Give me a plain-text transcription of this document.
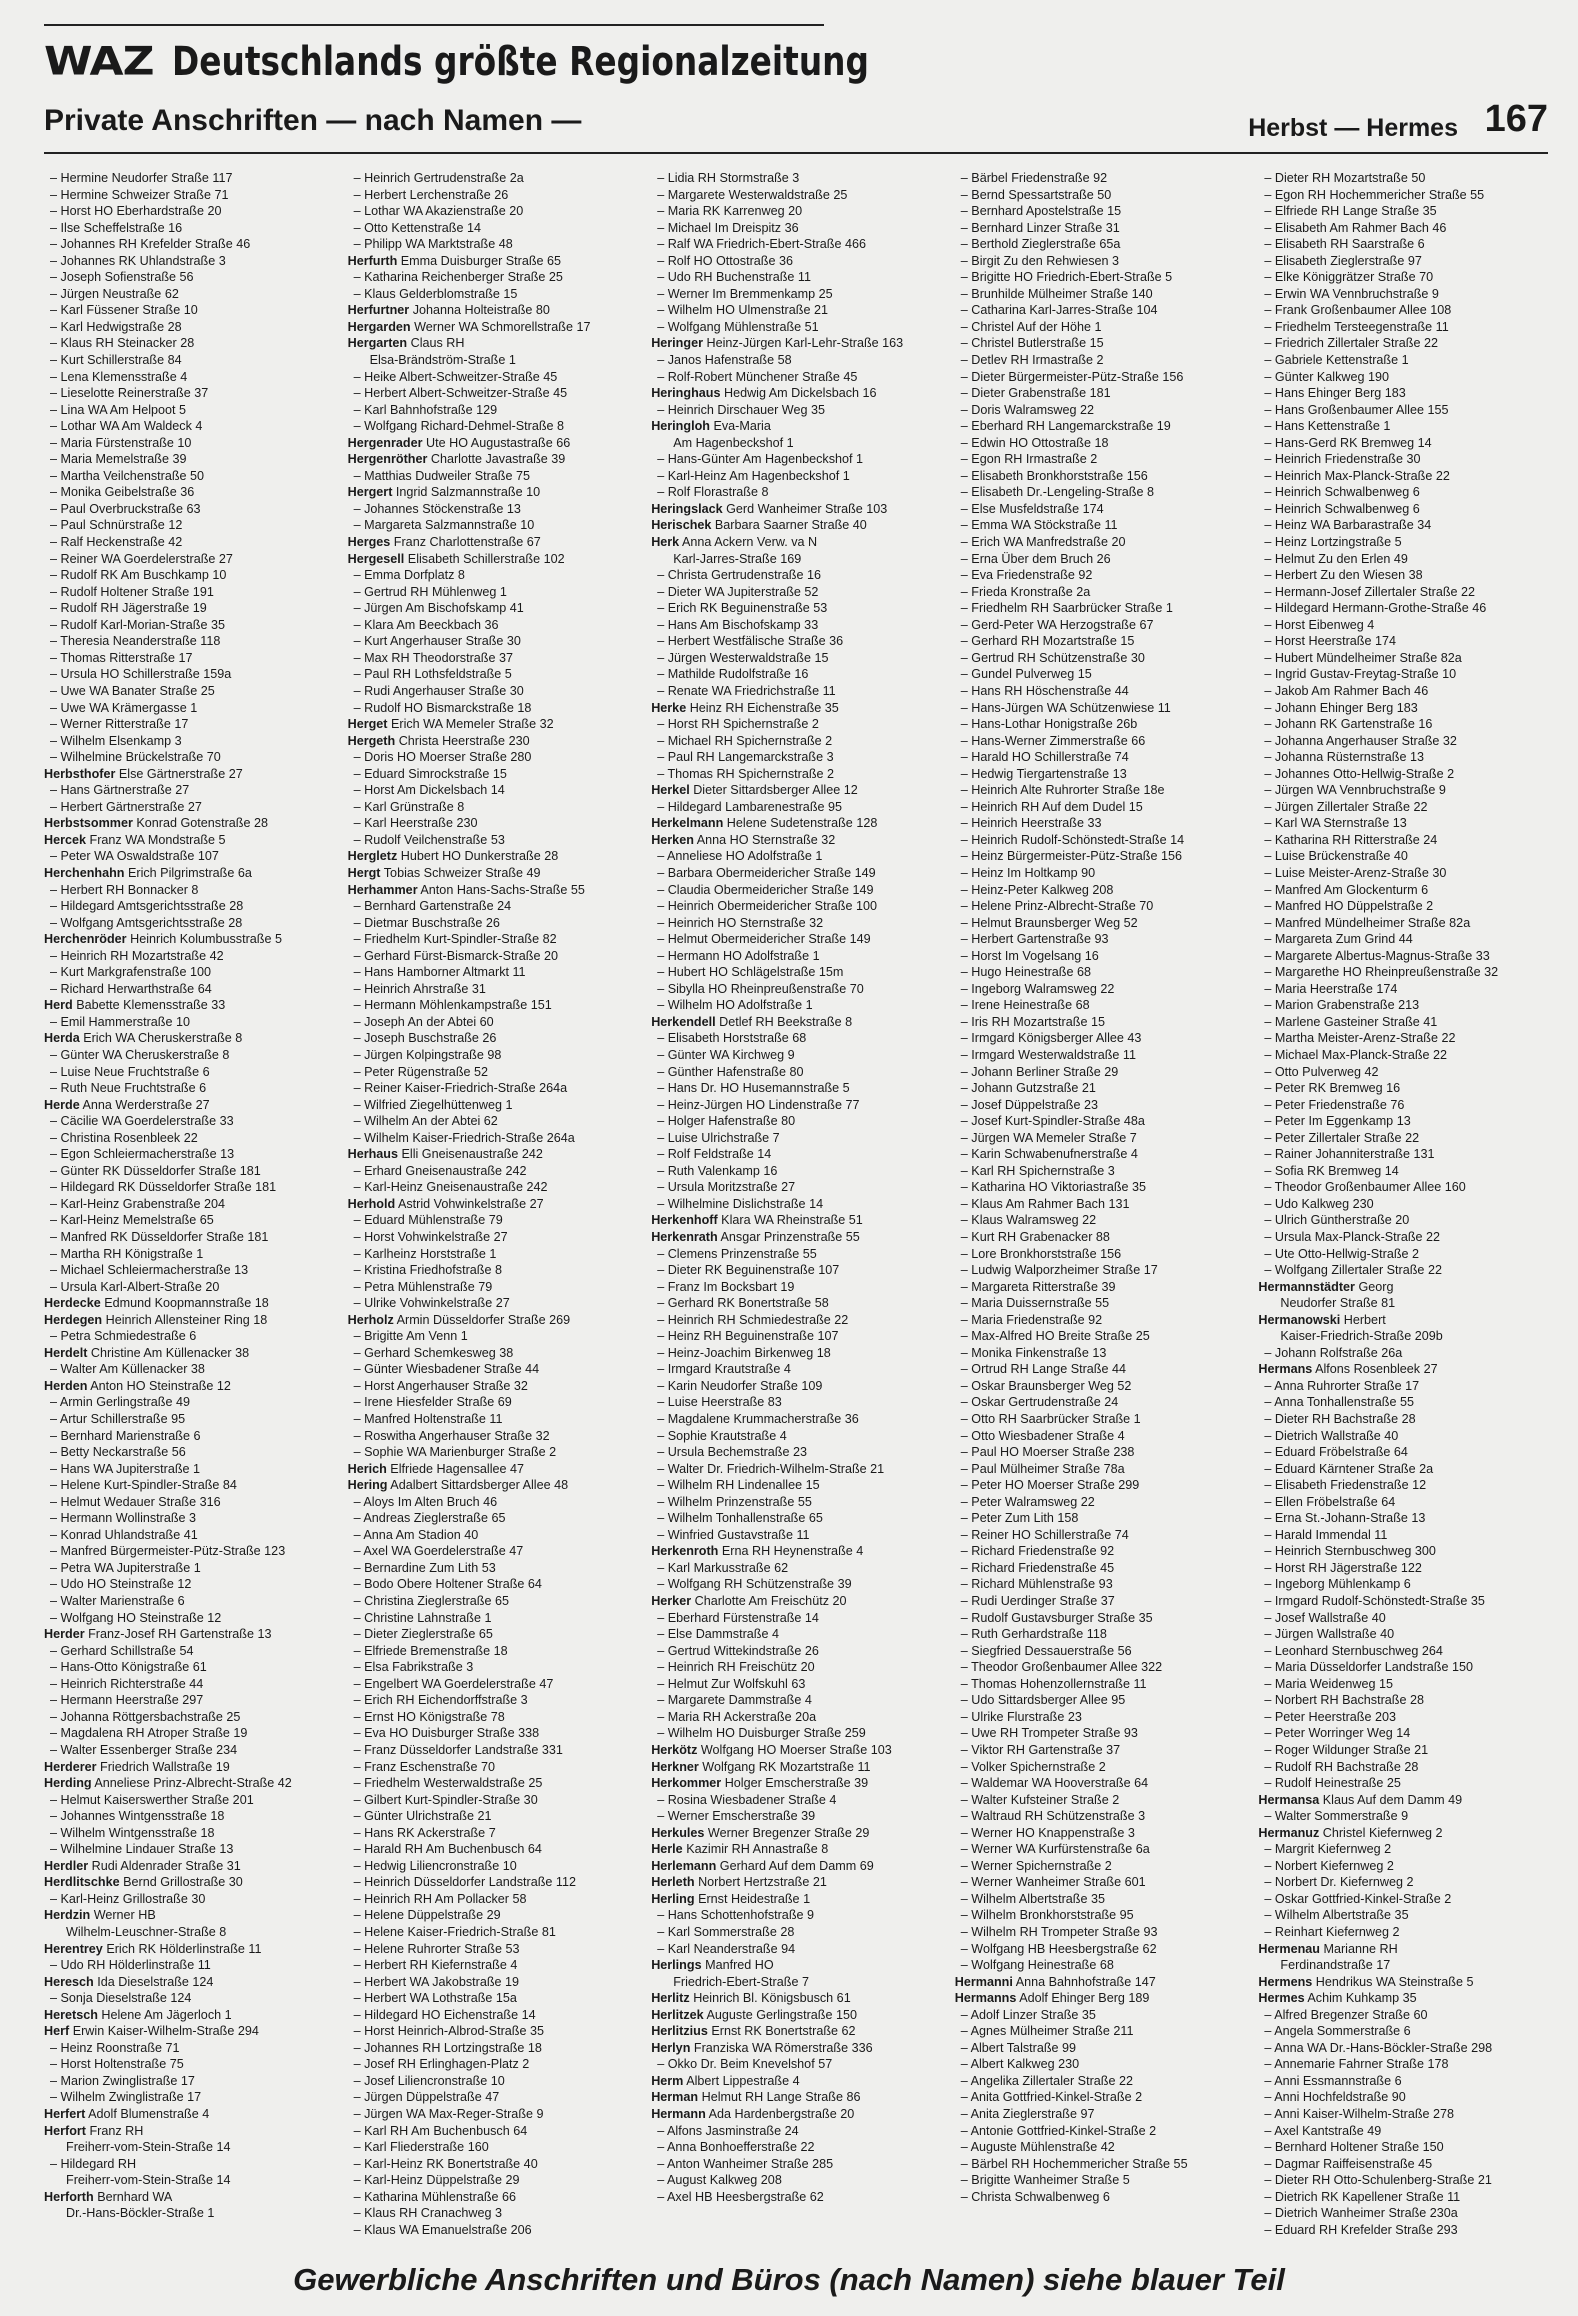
WAZ Deutschlands größte Regionalzeitung
Private Anschriften — nach Namen —	Herbst — Hermes 167
– Hermine Neudorfer Straße 117
– Hermine Schweizer Straße 71
– Horst HO Eberhardstraße 20
– Ilse Scheffelstraße 16
– Johannes RH Krefelder Straße 46
– Johannes RK Uhlandstraße 3
– Joseph Sofienstraße 56
– Jürgen Neustraße 62
– Karl Füssener Straße 10
– Karl Hedwigstraße 28
– Klaus RH Steinacker 28
– Kurt Schillerstraße 84
– Lena Klemensstraße 4
– Lieselotte Reinerstraße 37
– Lina WA Am Helpoot 5
– Lothar WA Am Waldeck 4
– Maria Fürstenstraße 10
– Maria Memelstraße 39
– Martha Veilchenstraße 50
– Monika Geibelstraße 36
– Paul Overbruckstraße 63
– Paul Schnürstraße 12
– Ralf Heckenstraße 42
– Reiner WA Goerdelerstraße 27
– Rudolf RK Am Buschkamp 10
– Rudolf Holtener Straße 191
– Rudolf RH Jägerstraße 19
– Rudolf Karl-Morian-Straße 35
– Theresia Neanderstraße 118
– Thomas Ritterstraße 17
– Ursula HO Schillerstraße 159a
– Uwe WA Banater Straße 25
– Uwe WA Krämergasse 1
– Werner Ritterstraße 17
– Wilhelm Elsenkamp 3
– Wilhelmine Brückelstraße 70
Herbsthofer Else Gärtnerstraße 27
– Hans Gärtnerstraße 27
– Herbert Gärtnerstraße 27
Herbstsommer Konrad Gotenstraße 28
Hercek Franz WA Mondstraße 5
– Peter WA Oswaldstraße 107
Herchenhahn Erich Pilgrimstraße 6a
– Herbert RH Bonnacker 8
– Hildegard Amtsgerichtsstraße 28
– Wolfgang Amtsgerichtsstraße 28
Herchenröder Heinrich Kolumbusstraße 5
– Heinrich RH Mozartstraße 42
– Kurt Markgrafenstraße 100
– Richard Herwarthstraße 64
Herd Babette Klemensstraße 33
– Emil Hammerstraße 10
Herda Erich WA Cheruskerstraße 8
– Günter WA Cheruskerstraße 8
– Luise Neue Fruchtstraße 6
– Ruth Neue Fruchtstraße 6
Herde Anna Werderstraße 27
– Cäcilie WA Goerdelerstraße 33
– Christina Rosenbleek 22
– Egon Schleiermacherstraße 13
– Günter RK Düsseldorfer Straße 181
– Hildegard RK Düsseldorfer Straße 181
– Karl-Heinz Grabenstraße 204
– Karl-Heinz Memelstraße 65
– Manfred RK Düsseldorfer Straße 181
– Martha RH Königstraße 1
– Michael Schleiermacherstraße 13
– Ursula Karl-Albert-Straße 20
Herdecke Edmund Koopmannstraße 18
Herdegen Heinrich Allensteiner Ring 18
– Petra Schmiedestraße 6
Herdelt Christine Am Küllenacker 38
– Walter Am Küllenacker 38
Herden Anton HO Steinstraße 12
– Armin Gerlingstraße 49
– Artur Schillerstraße 95
– Bernhard Marienstraße 6
– Betty Neckarstraße 56
– Hans WA Jupiterstraße 1
– Helene Kurt-Spindler-Straße 84
– Helmut Wedauer Straße 316
– Hermann Wollinstraße 3
– Konrad Uhlandstraße 41
– Manfred Bürgermeister-Pütz-Straße 123
– Petra WA Jupiterstraße 1
– Udo HO Steinstraße 12
– Walter Marienstraße 6
– Wolfgang HO Steinstraße 12
Herder Franz-Josef RH Gartenstraße 13
– Gerhard Schillstraße 54
– Hans-Otto Königstraße 61
– Heinrich Richterstraße 44
– Hermann Heerstraße 297
– Johanna Röttgersbachstraße 25
– Magdalena RH Atroper Straße 19
– Walter Essenberger Straße 234
Herderer Friedrich Wallstraße 19
Herding Anneliese Prinz-Albrecht-Straße 42
– Helmut Kaiserswerther Straße 201
– Johannes Wintgensstraße 18
– Wilhelm Wintgensstraße 18
– Wilhelmine Lindauer Straße 13
Herdler Rudi Aldenrader Straße 31
Herdlitschke Bernd Grillostraße 30
– Karl-Heinz Grillostraße 30
Herdzin Werner HB
Wilhelm-Leuschner-Straße 8
Herentrey Erich RK Hölderlinstraße 11
– Udo RH Hölderlinstraße 11
Heresch Ida Dieselstraße 124
– Sonja Dieselstraße 124
Heretsch Helene Am Jägerloch 1
Herf Erwin Kaiser-Wilhelm-Straße 294
– Heinz Roonstraße 71
– Horst Holtenstraße 75
– Marion Zwinglistraße 17
– Wilhelm Zwinglistraße 17
Herfert Adolf Blumenstraße 4
Herfort Franz RH
Freiherr-vom-Stein-Straße 14
– Hildegard RH
Freiherr-vom-Stein-Straße 14
Herforth Bernhard WA
Dr.-Hans-Böckler-Straße 1
– Heinrich Gertrudenstraße 2a
– Herbert Lerchenstraße 26
– Lothar WA Akazienstraße 20
– Otto Kettenstraße 14
– Philipp WA Marktstraße 48
Herfurth Emma Duisburger Straße 65
– Katharina Reichenberger Straße 25
– Klaus Gelderblomstraße 15
Herfurtner Johanna Holteistraße 80
Hergarden Werner WA Schmorellstraße 17
Hergarten Claus RH
Elsa-Brändström-Straße 1
– Heike Albert-Schweitzer-Straße 45
– Herbert Albert-Schweitzer-Straße 45
– Karl Bahnhofstraße 129
– Wolfgang Richard-Dehmel-Straße 8
Hergenrader Ute HO Augustastraße 66
Hergenröther Charlotte Javastraße 39
– Matthias Dudweiler Straße 75
Hergert Ingrid Salzmannstraße 10
– Johannes Stöckenstraße 13
– Margareta Salzmannstraße 10
Herges Franz Charlottenstraße 67
Hergesell Elisabeth Schillerstraße 102
– Emma Dorfplatz 8
– Gertrud RH Mühlenweg 1
– Jürgen Am Bischofskamp 41
– Klara Am Beeckbach 36
– Kurt Angerhauser Straße 30
– Max RH Theodorstraße 37
– Paul RH Lothsfeldstraße 5
– Rudi Angerhauser Straße 30
– Rudolf HO Bismarckstraße 18
Herget Erich WA Memeler Straße 32
Hergeth Christa Heerstraße 230
– Doris HO Moerser Straße 280
– Eduard Simrockstraße 15
– Horst Am Dickelsbach 14
– Karl Grünstraße 8
– Karl Heerstraße 230
– Rudolf Veilchenstraße 53
Hergletz Hubert HO Dunkerstraße 28
Hergt Tobias Schweizer Straße 49
Herhammer Anton Hans-Sachs-Straße 55
– Bernhard Gartenstraße 24
– Dietmar Buschstraße 26
– Friedhelm Kurt-Spindler-Straße 82
– Gerhard Fürst-Bismarck-Straße 20
– Hans Hamborner Altmarkt 11
– Heinrich Ahrstraße 31
– Hermann Möhlenkampstraße 151
– Joseph An der Abtei 60
– Joseph Buschstraße 26
– Jürgen Kolpingstraße 98
– Peter Rügenstraße 52
– Reiner Kaiser-Friedrich-Straße 264a
– Wilfried Ziegelhüttenweg 1
– Wilhelm An der Abtei 62
– Wilhelm Kaiser-Friedrich-Straße 264a
Herhaus Elli Gneisenaustraße 242
– Erhard Gneisenaustraße 242
– Karl-Heinz Gneisenaustraße 242
Herhold Astrid Vohwinkelstraße 27
– Eduard Mühlenstraße 79
– Horst Vohwinkelstraße 27
– Karlheinz Horststraße 1
– Kristina Friedhofstraße 8
– Petra Mühlenstraße 79
– Ulrike Vohwinkelstraße 27
Herholz Armin Düsseldorfer Straße 269
– Brigitte Am Venn 1
– Gerhard Schemkesweg 38
– Günter Wiesbadener Straße 44
– Horst Angerhauser Straße 32
– Irene Hiesfelder Straße 69
– Manfred Holtenstraße 11
– Roswitha Angerhauser Straße 32
– Sophie WA Marienburger Straße 2
Herich Elfriede Hagensallee 47
Hering Adalbert Sittardsberger Allee 48
– Aloys Im Alten Bruch 46
– Andreas Zieglerstraße 65
– Anna Am Stadion 40
– Axel WA Goerdelerstraße 47
– Bernardine Zum Lith 53
– Bodo Obere Holtener Straße 64
– Christina Zieglerstraße 65
– Christine Lahnstraße 1
– Dieter Zieglerstraße 65
– Elfriede Bremenstraße 18
– Elsa Fabrikstraße 3
– Engelbert WA Goerdelerstraße 47
– Erich RH Eichendorffstraße 3
– Ernst HO Königstraße 78
– Eva HO Duisburger Straße 338
– Franz Düsseldorfer Landstraße 331
– Franz Eschenstraße 70
– Friedhelm Westerwaldstraße 25
– Gilbert Kurt-Spindler-Straße 30
– Günter Ulrichstraße 21
– Hans RK Ackerstraße 7
– Harald RH Am Buchenbusch 64
– Hedwig Liliencronstraße 10
– Heinrich Düsseldorfer Landstraße 112
– Heinrich RH Am Pollacker 58
– Helene Düppelstraße 29
– Helene Kaiser-Friedrich-Straße 81
– Helene Ruhrorter Straße 53
– Herbert RH Kiefernstraße 4
– Herbert WA Jakobstraße 19
– Herbert WA Lothstraße 15a
– Hildegard HO Eichenstraße 14
– Horst Heinrich-Albrod-Straße 35
– Johannes RH Lortzingstraße 18
– Josef RH Erlinghagen-Platz 2
– Josef Liliencronstraße 10
– Jürgen Düppelstraße 47
– Jürgen WA Max-Reger-Straße 9
– Karl RH Am Buchenbusch 64
– Karl Fliederstraße 160
– Karl-Heinz RK Bonertstraße 40
– Karl-Heinz Düppelstraße 29
– Katharina Mühlenstraße 66
– Klaus RH Cranachweg 3
– Klaus WA Emanuelstraße 206
– Lidia RH Stormstraße 3
– Margarete Westerwaldstraße 25
– Maria RK Karrenweg 20
– Michael Im Dreispitz 36
– Ralf WA Friedrich-Ebert-Straße 466
– Rolf HO Ottostraße 36
– Udo RH Buchenstraße 11
– Werner Im Bremmenkamp 25
– Wilhelm HO Ulmenstraße 21
– Wolfgang Mühlenstraße 51
Heringer Heinz-Jürgen Karl-Lehr-Straße 163
– Janos Hafenstraße 58
– Rolf-Robert Münchener Straße 45
Heringhaus Hedwig Am Dickelsbach 16
– Heinrich Dirschauer Weg 35
Heringloh Eva-Maria
Am Hagenbeckshof 1
– Hans-Günter Am Hagenbeckshof 1
– Karl-Heinz Am Hagenbeckshof 1
– Rolf Florastraße 8
Heringslack Gerd Wanheimer Straße 103
Herischek Barbara Saarner Straße 40
Herk Anna Ackern Verw. va N
Karl-Jarres-Straße 169
– Christa Gertrudenstraße 16
– Dieter WA Jupiterstraße 52
– Erich RK Beguinenstraße 53
– Hans Am Bischofskamp 33
– Herbert Westfälische Straße 36
– Jürgen Westerwaldstraße 15
– Mathilde Rudolfstraße 16
– Renate WA Friedrichstraße 11
Herke Heinz RH Eichenstraße 35
– Horst RH Spichernstraße 2
– Michael RH Spichernstraße 2
– Paul RH Langemarckstraße 3
– Thomas RH Spichernstraße 2
Herkel Dieter Sittardsberger Allee 12
– Hildegard Lambarenestraße 95
Herkelmann Helene Sudetenstraße 128
Herken Anna HO Sternstraße 32
– Anneliese HO Adolfstraße 1
– Barbara Obermeidericher Straße 149
– Claudia Obermeidericher Straße 149
– Heinrich Obermeidericher Straße 100
– Heinrich HO Sternstraße 32
– Helmut Obermeidericher Straße 149
– Hermann HO Adolfstraße 1
– Hubert HO Schlägelstraße 15m
– Sibylla HO Rheinpreußenstraße 70
– Wilhelm HO Adolfstraße 1
Herkendell Detlef RH Beekstraße 8
– Elisabeth Horststraße 68
– Günter WA Kirchweg 9
– Günther Hafenstraße 80
– Hans Dr. HO Husemannstraße 5
– Heinz-Jürgen HO Lindenstraße 77
– Holger Hafenstraße 80
– Luise Ulrichstraße 7
– Rolf Feldstraße 14
– Ruth Valenkamp 16
– Ursula Moritzstraße 27
– Wilhelmine Dislichstraße 14
Herkenhoff Klara WA Rheinstraße 51
Herkenrath Ansgar Prinzenstraße 55
– Clemens Prinzenstraße 55
– Dieter RK Beguinenstraße 107
– Franz Im Bocksbart 19
– Gerhard RK Bonertstraße 58
– Heinrich RH Schmiedestraße 22
– Heinz RH Beguinenstraße 107
– Heinz-Joachim Birkenweg 18
– Irmgard Krautstraße 4
– Karin Neudorfer Straße 109
– Luise Heerstraße 83
– Magdalene Krummacherstraße 36
– Sophie Krautstraße 4
– Ursula Bechemstraße 23
– Walter Dr. Friedrich-Wilhelm-Straße 21
– Wilhelm RH Lindenallee 15
– Wilhelm Prinzenstraße 55
– Wilhelm Tonhallenstraße 65
– Winfried Gustavstraße 11
Herkenroth Erna RH Heynenstraße 4
– Karl Markusstraße 62
– Wolfgang RH Schützenstraße 39
Herker Charlotte Am Freischütz 20
– Eberhard Fürstenstraße 14
– Else Dammstraße 4
– Gertrud Wittekindstraße 26
– Heinrich RH Freischütz 20
– Helmut Zur Wolfskuhl 63
– Margarete Dammstraße 4
– Maria RH Ackerstraße 20a
– Wilhelm HO Duisburger Straße 259
Herkötz Wolfgang HO Moerser Straße 103
Herkner Wolfgang RK Mozartstraße 11
Herkommer Holger Emscherstraße 39
– Rosina Wiesbadener Straße 4
– Werner Emscherstraße 39
Herkules Werner Bregenzer Straße 29
Herle Kazimir RH Annastraße 8
Herlemann Gerhard Auf dem Damm 69
Herleth Norbert Hertzstraße 21
Herling Ernst Heidestraße 1
– Hans Schottenhofstraße 9
– Karl Sommerstraße 28
– Karl Neanderstraße 94
Herlings Manfred HO
Friedrich-Ebert-Straße 7
Herlitz Heinrich Bl. Königsbusch 61
Herlitzek Auguste Gerlingstraße 150
Herlitzius Ernst RK Bonertstraße 62
Herlyn Franziska WA Römerstraße 336
– Okko Dr. Beim Knevelshof 57
Herm Albert Lippestraße 4
Herman Helmut RH Lange Straße 86
Hermann Ada Hardenbergstraße 20
– Alfons Jasminstraße 24
– Anna Bonhoefferstraße 22
– Anton Wanheimer Straße 285
– August Kalkweg 208
– Axel HB Heesbergstraße 62
– Bärbel Friedenstraße 92
– Bernd Spessartstraße 50
– Bernhard Apostelstraße 15
– Bernhard Linzer Straße 31
– Berthold Zieglerstraße 65a
– Birgit Zu den Rehwiesen 3
– Brigitte HO Friedrich-Ebert-Straße 5
– Brunhilde Mülheimer Straße 140
– Catharina Karl-Jarres-Straße 104
– Christel Auf der Höhe 1
– Christel Butlerstraße 15
– Detlev RH Irmastraße 2
– Dieter Bürgermeister-Pütz-Straße 156
– Dieter Grabenstraße 181
– Doris Walramsweg 22
– Eberhard RH Langemarckstraße 19
– Edwin HO Ottostraße 18
– Egon RH Irmastraße 2
– Elisabeth Bronkhorststraße 156
– Elisabeth Dr.-Lengeling-Straße 8
– Else Musfeldstraße 174
– Emma WA Stöckstraße 11
– Erich WA Manfredstraße 20
– Erna Über dem Bruch 26
– Eva Friedenstraße 92
– Frieda Kronstraße 2a
– Friedhelm RH Saarbrücker Straße 1
– Gerd-Peter WA Herzogstraße 67
– Gerhard RH Mozartstraße 15
– Gertrud RH Schützenstraße 30
– Gundel Pulverweg 15
– Hans RH Höschenstraße 44
– Hans-Jürgen WA Schützenwiese 11
– Hans-Lothar Honigstraße 26b
– Hans-Werner Zimmerstraße 66
– Harald HO Schillerstraße 74
– Hedwig Tiergartenstraße 13
– Heinrich Alte Ruhrorter Straße 18e
– Heinrich RH Auf dem Dudel 15
– Heinrich Heerstraße 33
– Heinrich Rudolf-Schönstedt-Straße 14
– Heinz Bürgermeister-Pütz-Straße 156
– Heinz Im Holtkamp 90
– Heinz-Peter Kalkweg 208
– Helene Prinz-Albrecht-Straße 70
– Helmut Braunsberger Weg 52
– Herbert Gartenstraße 93
– Horst Im Vogelsang 16
– Hugo Heinestraße 68
– Ingeborg Walramsweg 22
– Irene Heinestraße 68
– Iris RH Mozartstraße 15
– Irmgard Königsberger Allee 43
– Irmgard Westerwaldstraße 11
– Johann Berliner Straße 29
– Johann Gutzstraße 21
– Josef Düppelstraße 23
– Josef Kurt-Spindler-Straße 48a
– Jürgen WA Memeler Straße 7
– Karin Schwabenufnerstraße 4
– Karl RH Spichernstraße 3
– Katharina HO Viktoriastraße 35
– Klaus Am Rahmer Bach 131
– Klaus Walramsweg 22
– Kurt RH Grabenacker 88
– Lore Bronkhorststraße 156
– Ludwig Walporzheimer Straße 17
– Margareta Ritterstraße 39
– Maria Duissernstraße 55
– Maria Friedenstraße 92
– Max-Alfred HO Breite Straße 25
– Monika Finkenstraße 13
– Ortrud RH Lange Straße 44
– Oskar Braunsberger Weg 52
– Oskar Gertrudenstraße 24
– Otto RH Saarbrücker Straße 1
– Otto Wiesbadener Straße 4
– Paul HO Moerser Straße 238
– Paul Mülheimer Straße 78a
– Peter HO Moerser Straße 299
– Peter Walramsweg 22
– Peter Zum Lith 158
– Reiner HO Schillerstraße 74
– Richard Friedenstraße 92
– Richard Friedenstraße 45
– Richard Mühlenstraße 93
– Rudi Uerdinger Straße 37
– Rudolf Gustavsburger Straße 35
– Ruth Gerhardstraße 118
– Siegfried Dessauerstraße 56
– Theodor Großenbaumer Allee 322
– Thomas Hohenzollernstraße 11
– Udo Sittardsberger Allee 95
– Ulrike Flurstraße 23
– Uwe RH Trompeter Straße 93
– Viktor RH Gartenstraße 37
– Volker Spichernstraße 2
– Waldemar WA Hooverstraße 64
– Walter Kufsteiner Straße 2
– Waltraud RH Schützenstraße 3
– Werner HO Knappenstraße 3
– Werner WA Kurfürstenstraße 6a
– Werner Spichernstraße 2
– Werner Wanheimer Straße 601
– Wilhelm Albertstraße 35
– Wilhelm Bronkhorststraße 95
– Wilhelm RH Trompeter Straße 93
– Wolfgang HB Heesbergstraße 62
– Wolfgang Heinestraße 68
Hermanni Anna Bahnhofstraße 147
Hermanns Adolf Ehinger Berg 189
– Adolf Linzer Straße 35
– Agnes Mülheimer Straße 211
– Albert Talstraße 99
– Albert Kalkweg 230
– Angelika Zillertaler Straße 22
– Anita Gottfried-Kinkel-Straße 2
– Anita Zieglerstraße 97
– Antonie Gottfried-Kinkel-Straße 2
– Auguste Mühlenstraße 42
– Bärbel RH Hochemmericher Straße 55
– Brigitte Wanheimer Straße 5
– Christa Schwalbenweg 6
– Dieter RH Mozartstraße 50
– Egon RH Hochemmericher Straße 55
– Elfriede RH Lange Straße 35
– Elisabeth Am Rahmer Bach 46
– Elisabeth RH Saarstraße 6
– Elisabeth Zieglerstraße 97
– Elke Königgrätzer Straße 70
– Erwin WA Vennbruchstraße 9
– Frank Großenbaumer Allee 108
– Friedhelm Tersteegenstraße 11
– Friedrich Zillertaler Straße 22
– Gabriele Kettenstraße 1
– Günter Kalkweg 190
– Hans Ehinger Berg 183
– Hans Großenbaumer Allee 155
– Hans Kettenstraße 1
– Hans-Gerd RK Bremweg 14
– Heinrich Friedenstraße 30
– Heinrich Max-Planck-Straße 22
– Heinrich Schwalbenweg 6
– Heinrich Schwalbenweg 6
– Heinz WA Barbarastraße 34
– Heinz Lortzingstraße 5
– Helmut Zu den Erlen 49
– Herbert Zu den Wiesen 38
– Hermann-Josef Zillertaler Straße 22
– Hildegard Hermann-Grothe-Straße 46
– Horst Eibenweg 4
– Horst Heerstraße 174
– Hubert Mündelheimer Straße 82a
– Ingrid Gustav-Freytag-Straße 10
– Jakob Am Rahmer Bach 46
– Johann Ehinger Berg 183
– Johann RK Gartenstraße 16
– Johanna Angerhauser Straße 32
– Johanna Rüsternstraße 13
– Johannes Otto-Hellwig-Straße 2
– Jürgen WA Vennbruchstraße 9
– Jürgen Zillertaler Straße 22
– Karl WA Sternstraße 13
– Katharina RH Ritterstraße 24
– Luise Brückenstraße 40
– Luise Meister-Arenz-Straße 30
– Manfred Am Glockenturm 6
– Manfred HO Düppelstraße 2
– Manfred Mündelheimer Straße 82a
– Margareta Zum Grind 44
– Margarete Albertus-Magnus-Straße 33
– Margarethe HO Rheinpreußenstraße 32
– Maria Heerstraße 174
– Marion Grabenstraße 213
– Marlene Gasteiner Straße 41
– Martha Meister-Arenz-Straße 22
– Michael Max-Planck-Straße 22
– Otto Pulverweg 42
– Peter RK Bremweg 16
– Peter Friedenstraße 76
– Peter Im Eggenkamp 13
– Peter Zillertaler Straße 22
– Rainer Johanniterstraße 131
– Sofia RK Bremweg 14
– Theodor Großenbaumer Allee 160
– Udo Kalkweg 230
– Ulrich Güntherstraße 20
– Ursula Max-Planck-Straße 22
– Ute Otto-Hellwig-Straße 2
– Wolfgang Zillertaler Straße 22
Hermannstädter Georg
Neudorfer Straße 81
Hermanowski Herbert
Kaiser-Friedrich-Straße 209b
– Johann Rolfstraße 26a
Hermans Alfons Rosenbleek 27
– Anna Ruhrorter Straße 17
– Anna Tonhallenstraße 55
– Dieter RH Bachstraße 28
– Dietrich Wallstraße 40
– Eduard Fröbelstraße 64
– Eduard Kärntener Straße 2a
– Elisabeth Friedenstraße 12
– Ellen Fröbelstraße 64
– Erna St.-Johann-Straße 13
– Harald Immendal 11
– Heinrich Sternbuschweg 300
– Horst RH Jägerstraße 122
– Ingeborg Mühlenkamp 6
– Irmgard Rudolf-Schönstedt-Straße 35
– Josef Wallstraße 40
– Jürgen Wallstraße 40
– Leonhard Sternbuschweg 264
– Maria Düsseldorfer Landstraße 150
– Maria Weidenweg 15
– Norbert RH Bachstraße 28
– Peter Heerstraße 203
– Peter Worringer Weg 14
– Roger Wildunger Straße 21
– Rudolf RH Bachstraße 28
– Rudolf Heinestraße 25
Hermansa Klaus Auf dem Damm 49
– Walter Sommerstraße 9
Hermanuz Christel Kiefernweg 2
– Margrit Kiefernweg 2
– Norbert Kiefernweg 2
– Norbert Dr. Kiefernweg 2
– Oskar Gottfried-Kinkel-Straße 2
– Wilhelm Albertstraße 35
– Reinhart Kiefernweg 2
Hermenau Marianne RH
Ferdinandstraße 17
Hermens Hendrikus WA Steinstraße 5
Hermes Achim Kuhkamp 35
– Alfred Bregenzer Straße 60
– Angela Sommerstraße 6
– Anna WA Dr.-Hans-Böckler-Straße 298
– Annemarie Fahrner Straße 178
– Anni Essmannstraße 6
– Anni Hochfeldstraße 90
– Anni Kaiser-Wilhelm-Straße 278
– Axel Kantstraße 49
– Bernhard Holtener Straße 150
– Dagmar Raiffeisenstraße 45
– Dieter RH Otto-Schulenberg-Straße 21
– Dietrich RK Kapellener Straße 11
– Dietrich Wanheimer Straße 230a
– Eduard RH Krefelder Straße 293
Gewerbliche Anschriften und Büros (nach Namen) siehe blauer Teil
